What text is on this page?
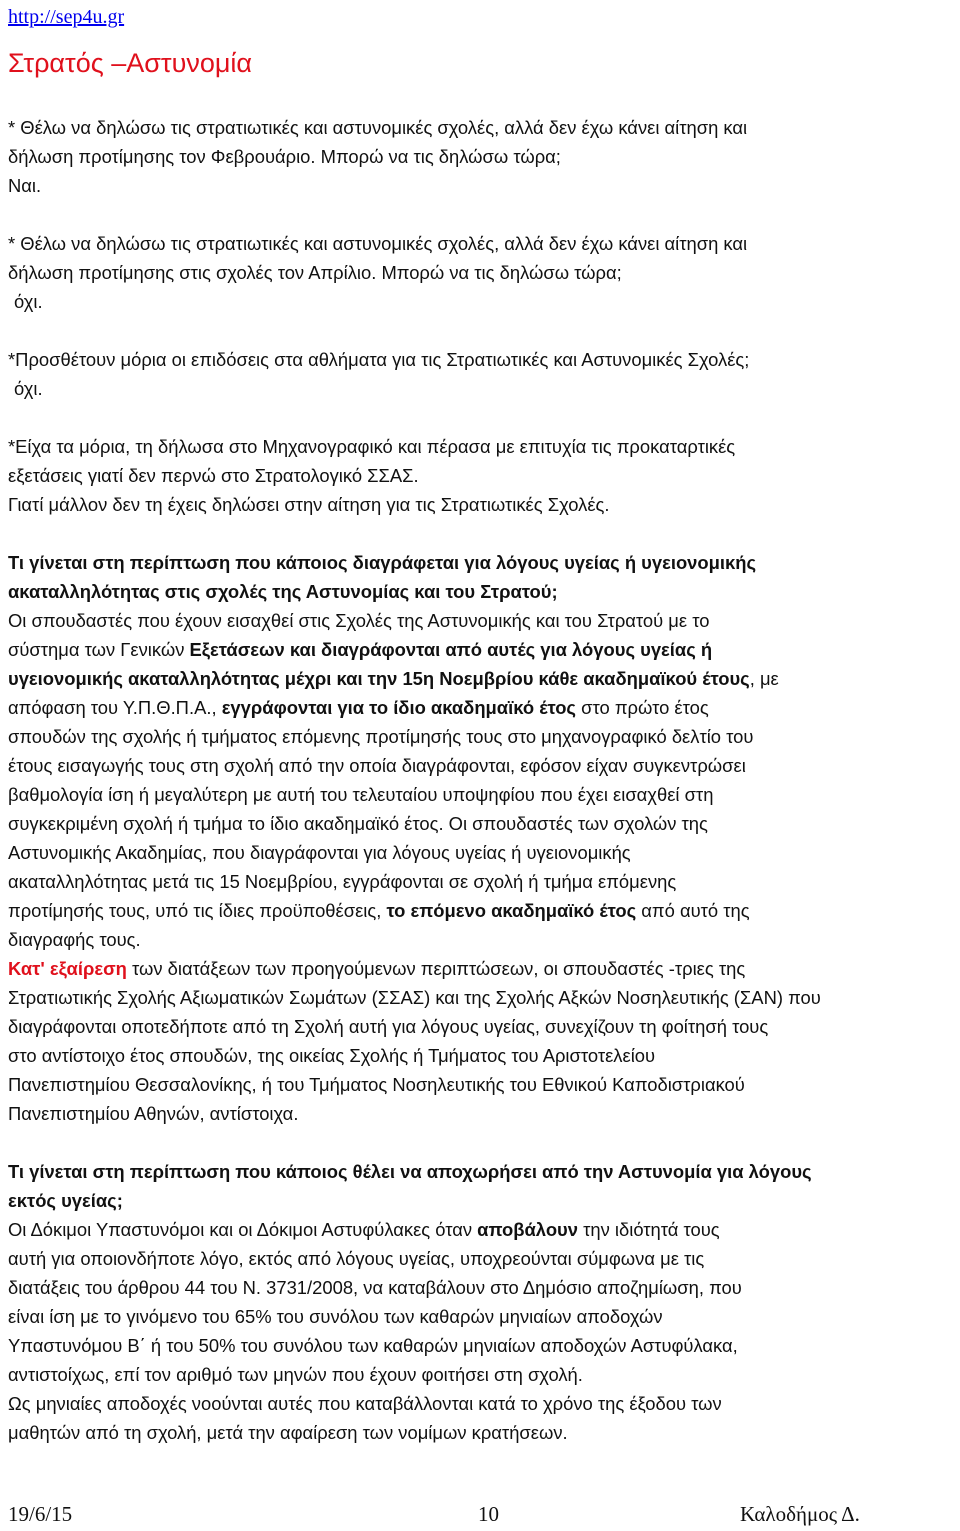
http://sep4u.gr
Στρατός –Αστυνομία
* Θέλω να δηλώσω τις στρατιωτικές και αστυνομικές σχολές, αλλά δεν έχω κάνει αίτηση και
δήλωση προτίμησης τον Φεβρουάριο. Μπορώ να τις δηλώσω τώρα;
Ναι.
* Θέλω να δηλώσω τις στρατιωτικές και αστυνομικές σχολές, αλλά δεν έχω κάνει αίτηση και
δήλωση προτίμησης στις σχολές τον Απρίλιο. Μπορώ να τις δηλώσω τώρα;
όχι.
*Προσθέτουν μόρια οι επιδόσεις στα αθλήματα για τις Στρατιωτικές και Αστυνομικές Σχολές;
όχι.
*Είχα τα μόρια, τη δήλωσα στο Μηχανογραφικό και πέρασα με επιτυχία τις προκαταρτικές
εξετάσεις γιατί δεν περνώ στο Στρατολογικό ΣΣΑΣ.
Γιατί μάλλον δεν τη έχεις δηλώσει στην αίτηση για τις Στρατιωτικές Σχολές.
Τι γίνεται στη περίπτωση που κάποιος διαγράφεται για λόγους υγείας ή υγειονομικής
ακαταλληλότητας στις σχολές της Αστυνομίας και του Στρατού;
Οι σπουδαστές που έχουν εισαχθεί στις Σχολές της Αστυνομικής και του Στρατού με το
σύστημα των Γενικών Εξετάσεων και διαγράφονται από αυτές για λόγους υγείας ή
υγειονομικής ακαταλληλότητας μέχρι και την 15η Νοεμβρίου κάθε ακαδημαϊκού έτους, με
απόφαση του Υ.Π.Θ.Π.Α., εγγράφονται για το ίδιο ακαδημαϊκό έτος στο πρώτο έτος
σπουδών της σχολής ή τμήματος επόμενης προτίμησής τους στο μηχανογραφικό δελτίο του
έτους εισαγωγής τους στη σχολή από την οποία διαγράφονται, εφόσον είχαν συγκεντρώσει
βαθμολογία ίση ή μεγαλύτερη με αυτή του τελευταίου υποψηφίου που έχει εισαχθεί στη
συγκεκριμένη σχολή ή τμήμα το ίδιο ακαδημαϊκό έτος. Οι σπουδαστές των σχολών της
Αστυνομικής Ακαδημίας, που διαγράφονται για λόγους υγείας ή υγειονομικής
ακαταλληλότητας μετά τις 15 Νοεμβρίου, εγγράφονται σε σχολή ή τμήμα επόμενης
προτίμησής τους, υπό τις ίδιες προϋποθέσεις, το επόμενο ακαδημαϊκό έτος από αυτό της
διαγραφής τους.
Κατ' εξαίρεση των διατάξεων των προηγούμενων περιπτώσεων, οι σπουδαστές -τριες της
Στρατιωτικής Σχολής Αξιωματικών Σωμάτων (ΣΣΑΣ) και της Σχολής Αξκών Νοσηλευτικής (ΣΑΝ) που
διαγράφονται οποτεδήποτε από τη Σχολή αυτή για λόγους υγείας, συνεχίζουν τη φοίτησή τους
στο αντίστοιχο έτος σπουδών, της οικείας Σχολής ή Τμήματος του Αριστοτελείου
Πανεπιστημίου Θεσσαλονίκης, ή του Τμήματος Νοσηλευτικής του Εθνικού Καποδιστριακού
Πανεπιστημίου Αθηνών, αντίστοιχα.
Τι γίνεται στη περίπτωση που κάποιος θέλει να αποχωρήσει από την Αστυνομία για λόγους
εκτός υγείας;
Οι Δόκιμοι Υπαστυνόμοι και οι Δόκιμοι Αστυφύλακες όταν αποβάλουν την ιδιότητά τους
αυτή για οποιονδήποτε λόγο, εκτός από λόγους υγείας, υποχρεούνται σύμφωνα με τις
διατάξεις του άρθρου 44 του Ν. 3731/2008, να καταβάλουν στο Δημόσιο αποζημίωση, που
είναι ίση με το γινόμενο του 65% του συνόλου των καθαρών μηνιαίων αποδοχών
Υπαστυνόμου Β΄ ή του 50% του συνόλου των καθαρών μηνιαίων αποδοχών Αστυφύλακα,
αντιστοίχως, επί τον αριθμό των μηνών που έχουν φοιτήσει στη σχολή.
Ως μηνιαίες αποδοχές νοούνται αυτές που καταβάλλονται κατά το χρόνο της έξοδου των
μαθητών από τη σχολή, μετά την αφαίρεση των νομίμων κρατήσεων.
19/6/15	10	Καλοδήμος Δ.
